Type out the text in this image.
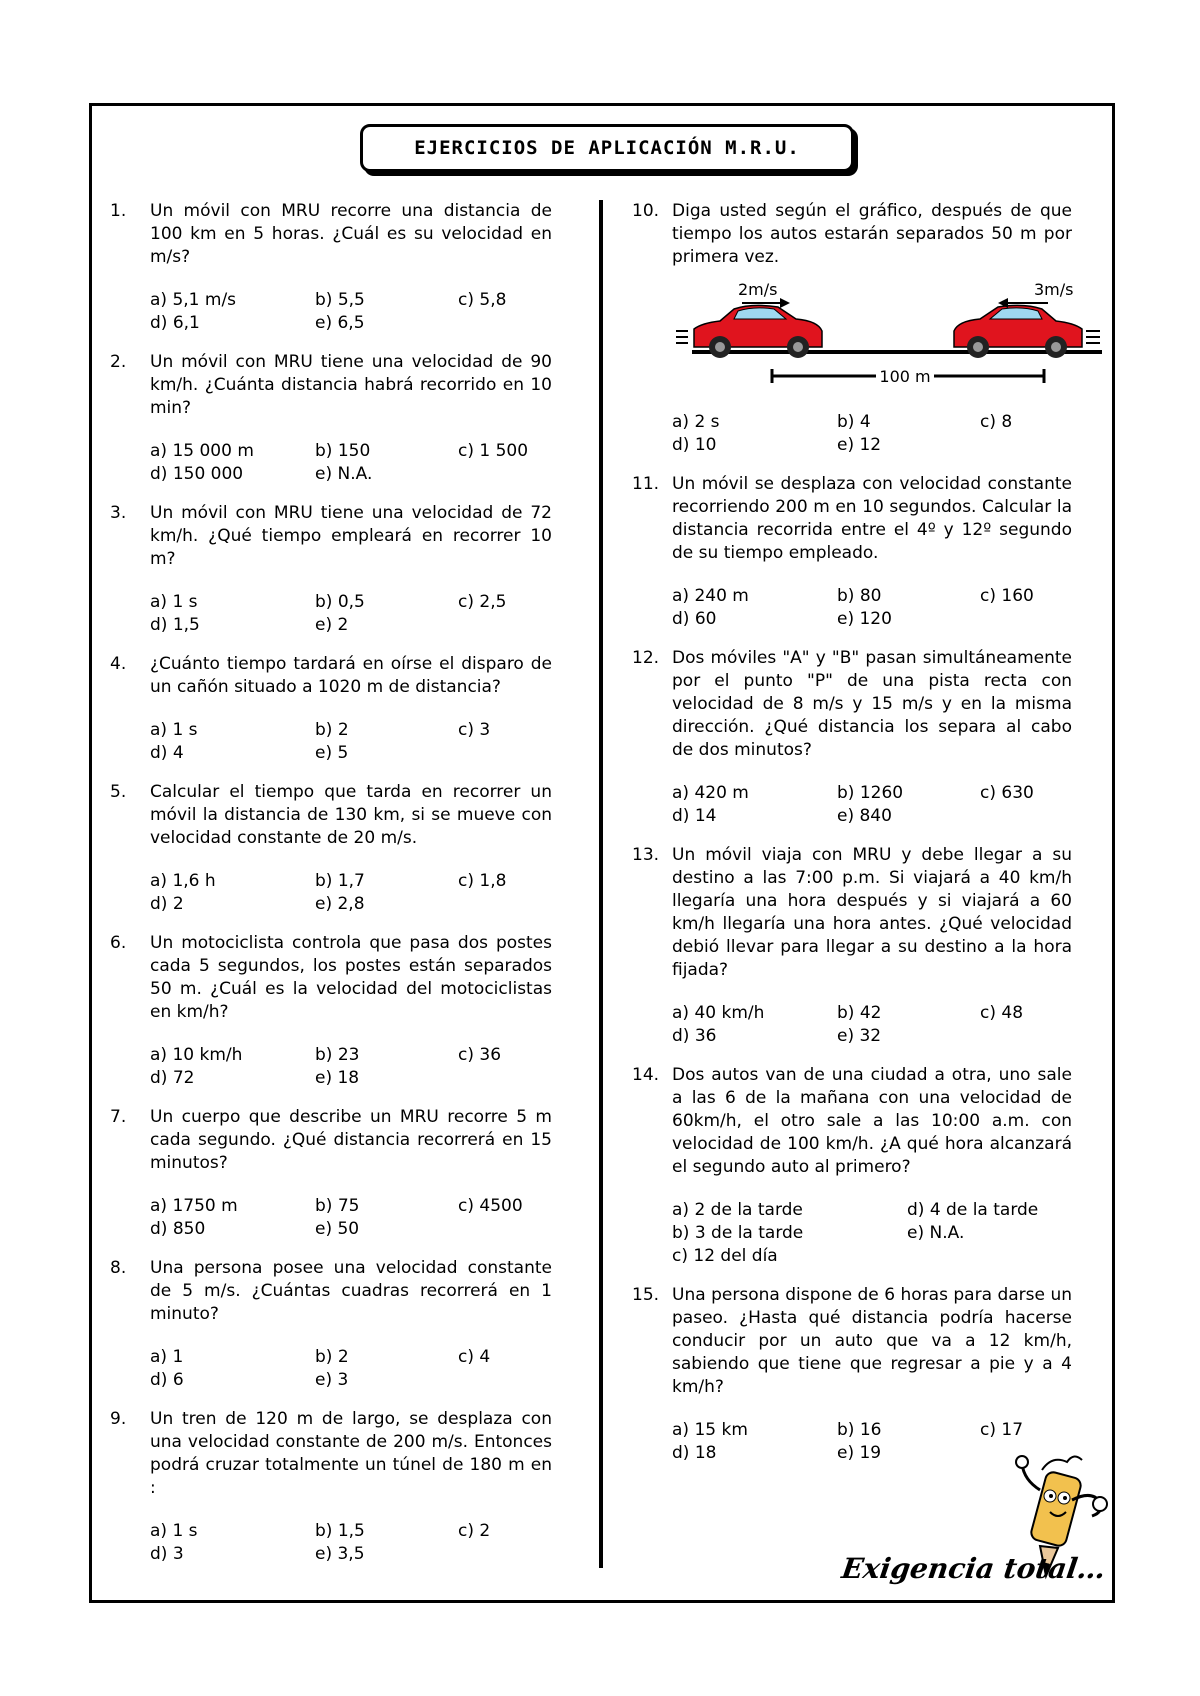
EJERCICIOS DE APLICACIÓN M.R.U.
1. Un móvil con MRU recorre una distancia de 100 km en 5 horas. ¿Cuál es su velocidad en m/s?
a) 5,1 m/s	b) 5,5	c) 5,8
d) 6,1	e) 6,5
2. Un móvil con MRU tiene una velocidad de 90 km/h. ¿Cuánta distancia habrá recorrido en 10 min?
a) 15 000 m	b) 150	c) 1 500
d) 150 000	e) N.A.
3. Un móvil con MRU tiene una velocidad de 72 km/h. ¿Qué tiempo empleará en recorrer 10 m?
a) 1 s	b) 0,5	c) 2,5
d) 1,5	e) 2
4. ¿Cuánto tiempo tardará en oírse el disparo de un cañón situado a 1020 m de distancia?
a) 1 s	b) 2	c) 3
d) 4	e) 5
5. Calcular el tiempo que tarda en recorrer un móvil la distancia de 130 km, si se mueve con velocidad constante de 20 m/s.
a) 1,6 h	b) 1,7	c) 1,8
d) 2	e) 2,8
6. Un motociclista controla que pasa dos postes cada 5 segundos, los postes están separados 50 m. ¿Cuál es la velocidad del motociclistas en km/h?
a) 10 km/h	b) 23	c) 36
d) 72	e) 18
7. Un cuerpo que describe un MRU recorre 5 m cada segundo. ¿Qué distancia recorrerá en 15 minutos?
a) 1750 m	b) 75	c) 4500
d) 850	e) 50
8. Una persona posee una velocidad constante de 5 m/s. ¿Cuántas cuadras recorrerá en 1 minuto?
a) 1	b) 2	c) 4
d) 6	e) 3
9. Un tren de 120 m de largo, se desplaza con una velocidad constante de 200 m/s. Entonces podrá cruzar totalmente un túnel de 180 m en :
a) 1 s	b) 1,5	c) 2
d) 3	e) 3,5
10. Diga usted según el gráfico, después de que tiempo los autos estarán separados 50 m por primera vez.
2m/s	3m/s
100 m
a) 2 s	b) 4	c) 8
d) 10	e) 12
11. Un móvil se desplaza con velocidad constante recorriendo 200 m en 10 segundos. Calcular la distancia recorrida entre el 4º y 12º segundo de su tiempo empleado.
a) 240 m	b) 80	c) 160
d) 60	e) 120
12. Dos móviles "A" y "B" pasan simultáneamente por el punto "P" de una pista recta con velocidad de 8 m/s y 15 m/s y en la misma dirección. ¿Qué distancia los separa al cabo de dos minutos?
a) 420 m	b) 1260	c) 630
d) 14	e) 840
13. Un móvil viaja con MRU y debe llegar a su destino a las 7:00 p.m. Si viajará a 40 km/h llegaría una hora después y si viajará a 60 km/h llegaría una hora antes. ¿Qué velocidad debió llevar para llegar a su destino a la hora fijada?
a) 40 km/h	b) 42	c) 48
d) 36	e) 32
14. Dos autos van de una ciudad a otra, uno sale a las 6 de la mañana con una velocidad de 60km/h, el otro sale a las 10:00 a.m. con velocidad de 100 km/h. ¿A qué hora alcanzará el segundo auto al primero?
a) 2 de la tarde	d) 4 de la tarde
b) 3 de la tarde	e) N.A.
c) 12 del día
15. Una persona dispone de 6 horas para darse un paseo. ¿Hasta qué distancia podría hacerse conducir por un auto que va a 12 km/h, sabiendo que tiene que regresar a pie y a 4 km/h?
a) 15 km	b) 16	c) 17
d) 18	e) 19
Exigencia total…
